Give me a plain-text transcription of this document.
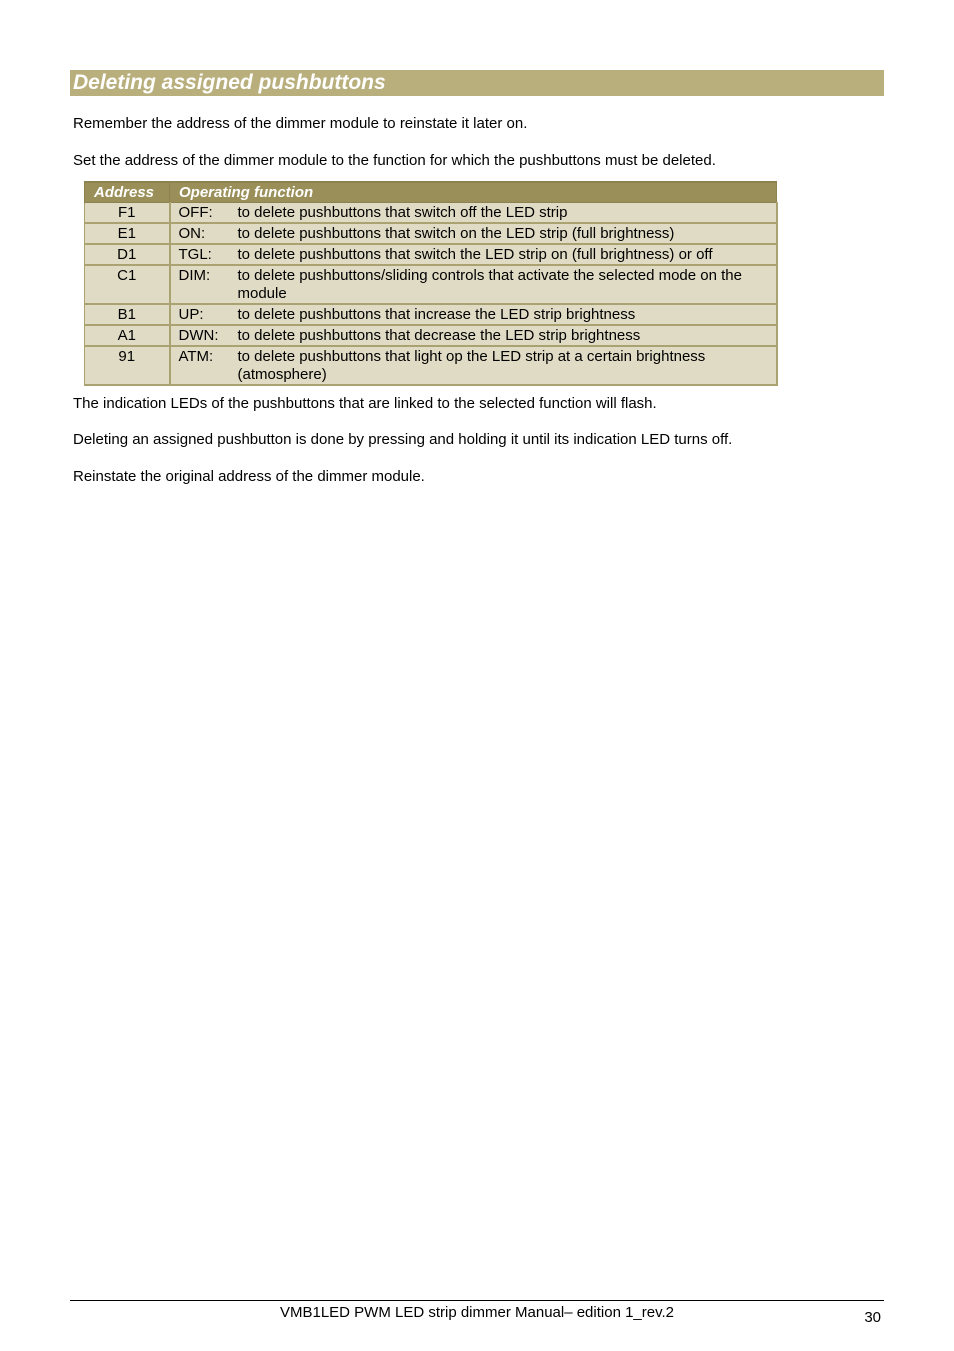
Deleting assigned pushbuttons
Remember the address of the dimmer module to reinstate it later on.
Set the address of the dimmer module to the function for which the pushbuttons must be deleted.
Address	Operating function	
F1	OFF:	to delete pushbuttons that switch off the LED strip
E1	ON:	to delete pushbuttons that switch on the LED strip (full brightness)
D1	TGL:	to delete pushbuttons that switch the LED strip on (full brightness) or off
C1	DIM:	to delete pushbuttons/sliding controls that activate the selected mode on the module
B1	UP:	to delete pushbuttons that increase the LED strip brightness
A1	DWN:	to delete pushbuttons that decrease the LED strip brightness
91	ATM:	to delete pushbuttons that light op the LED strip at a certain brightness (atmosphere)
The indication LEDs of the pushbuttons that are linked to the selected function will flash.
Deleting an assigned pushbutton is done by pressing and holding it until its indication LED turns off.
Reinstate the original address of the dimmer module.
VMB1LED PWM LED strip dimmer Manual– edition 1_rev.2	30
